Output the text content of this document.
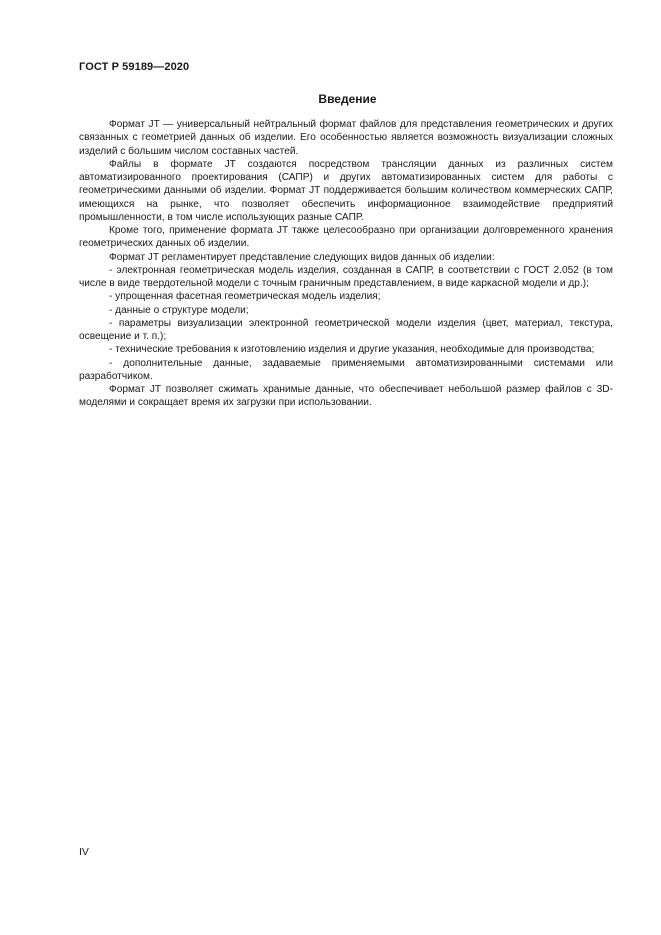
ГОСТ Р 59189—2020
Введение

Формат JT — универсальный нейтральный формат файлов для представления геометрических и других связанных с геометрией данных об изделии. Его особенностью является возможность визуализации сложных изделий с большим числом составных частей.

Файлы в формате JT создаются посредством трансляции данных из различных систем автоматизированного проектирования (САПР) и других автоматизированных систем для работы с геометрическими данными об изделии. Формат JT поддерживается большим количеством коммерческих САПР, имеющихся на рынке, что позволяет обеспечить информационное взаимодействие предприятий промышленности, в том числе использующих разные САПР.

Кроме того, применение формата JT также целесообразно при организации долговременного хранения геометрических данных об изделии.

Формат JT регламентирует представление следующих видов данных об изделии:

- электронная геометрическая модель изделия, созданная в САПР, в соответствии с ГОСТ 2.052 (в том числе в виде твердотельной модели с точным граничным представлением, в виде каркасной модели и др.);

- упрощенная фасетная геометрическая модель изделия;

- данные о структуре модели;

- параметры визуализации электронной геометрической модели изделия (цвет, материал, текстура, освещение и т. п.);

- технические требования к изготовлению изделия и другие указания, необходимые для производства;

- дополнительные данные, задаваемые применяемыми автоматизированными системами или разработчиком.

Формат JT позволяет сжимать хранимые данные, что обеспечивает небольшой размер файлов с 3D-моделями и сокращает время их загрузки при использовании.

IV
